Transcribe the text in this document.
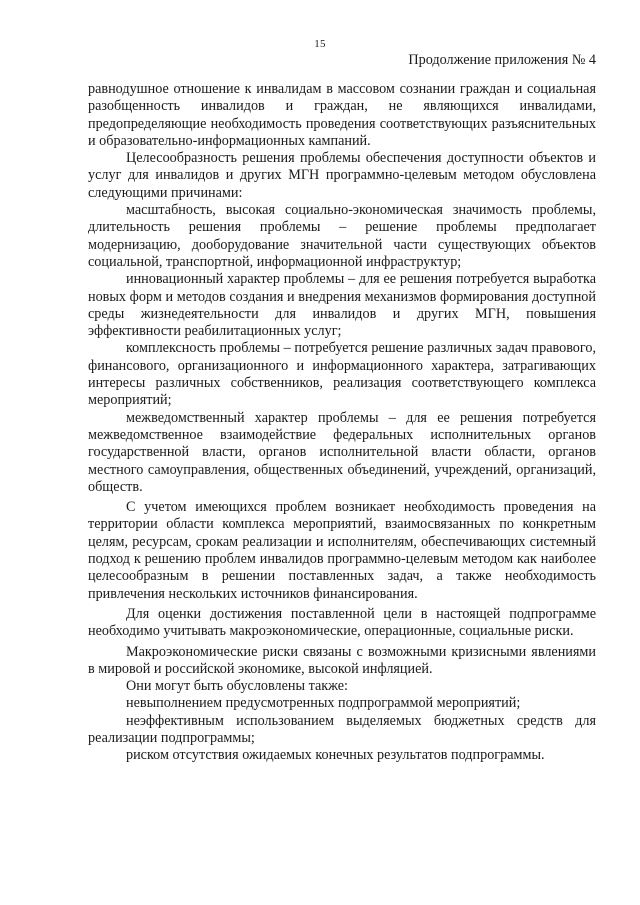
15
Продолжение приложения № 4

равнодушное отношение к инвалидам в массовом сознании граждан и социальная разобщенность инвалидов и граждан, не являющихся инвалидами, предопределяющие необходимость проведения соответствующих разъяснительных и образовательно-информационных кампаний.

Целесообразность решения проблемы обеспечения доступности объектов и услуг для инвалидов и других МГН программно-целевым методом обусловлена следующими причинами:

масштабность, высокая социально-экономическая значимость проблемы, длительность решения проблемы – решение проблемы предполагает модернизацию, дооборудование значительной части существующих объектов социальной, транспортной, информационной инфраструктур;

инновационный характер проблемы – для ее решения потребуется выработка новых форм и методов создания и внедрения механизмов формирования доступной среды жизнедеятельности для инвалидов и других МГН, повышения эффективности реабилитационных услуг;

комплексность проблемы – потребуется решение различных задач правового, финансового, организационного и информационного характера, затрагивающих интересы различных собственников, реализация соответствующего комплекса мероприятий;

межведомственный характер проблемы – для ее решения потребуется межведомственное взаимодействие федеральных исполнительных органов государственной власти, органов исполнительной власти области, органов местного самоуправления, общественных объединений, учреждений, организаций, обществ.

С учетом имеющихся проблем возникает необходимость проведения на территории области комплекса мероприятий, взаимосвязанных по конкретным целям, ресурсам, срокам реализации и исполнителям, обеспечивающих системный подход к решению проблем инвалидов программно-целевым методом как наиболее целесообразным в решении поставленных задач, а также необходимость привлечения нескольких источников финансирования.

Для оценки достижения поставленной цели в настоящей подпрограмме необходимо учитывать макроэкономические, операционные, социальные риски.

Макроэкономические риски связаны с возможными кризисными явлениями в мировой и российской экономике, высокой инфляцией.

Они могут быть обусловлены также:

невыполнением предусмотренных подпрограммой мероприятий;

неэффективным использованием выделяемых бюджетных средств для реализации подпрограммы;

риском отсутствия ожидаемых конечных результатов подпрограммы.
